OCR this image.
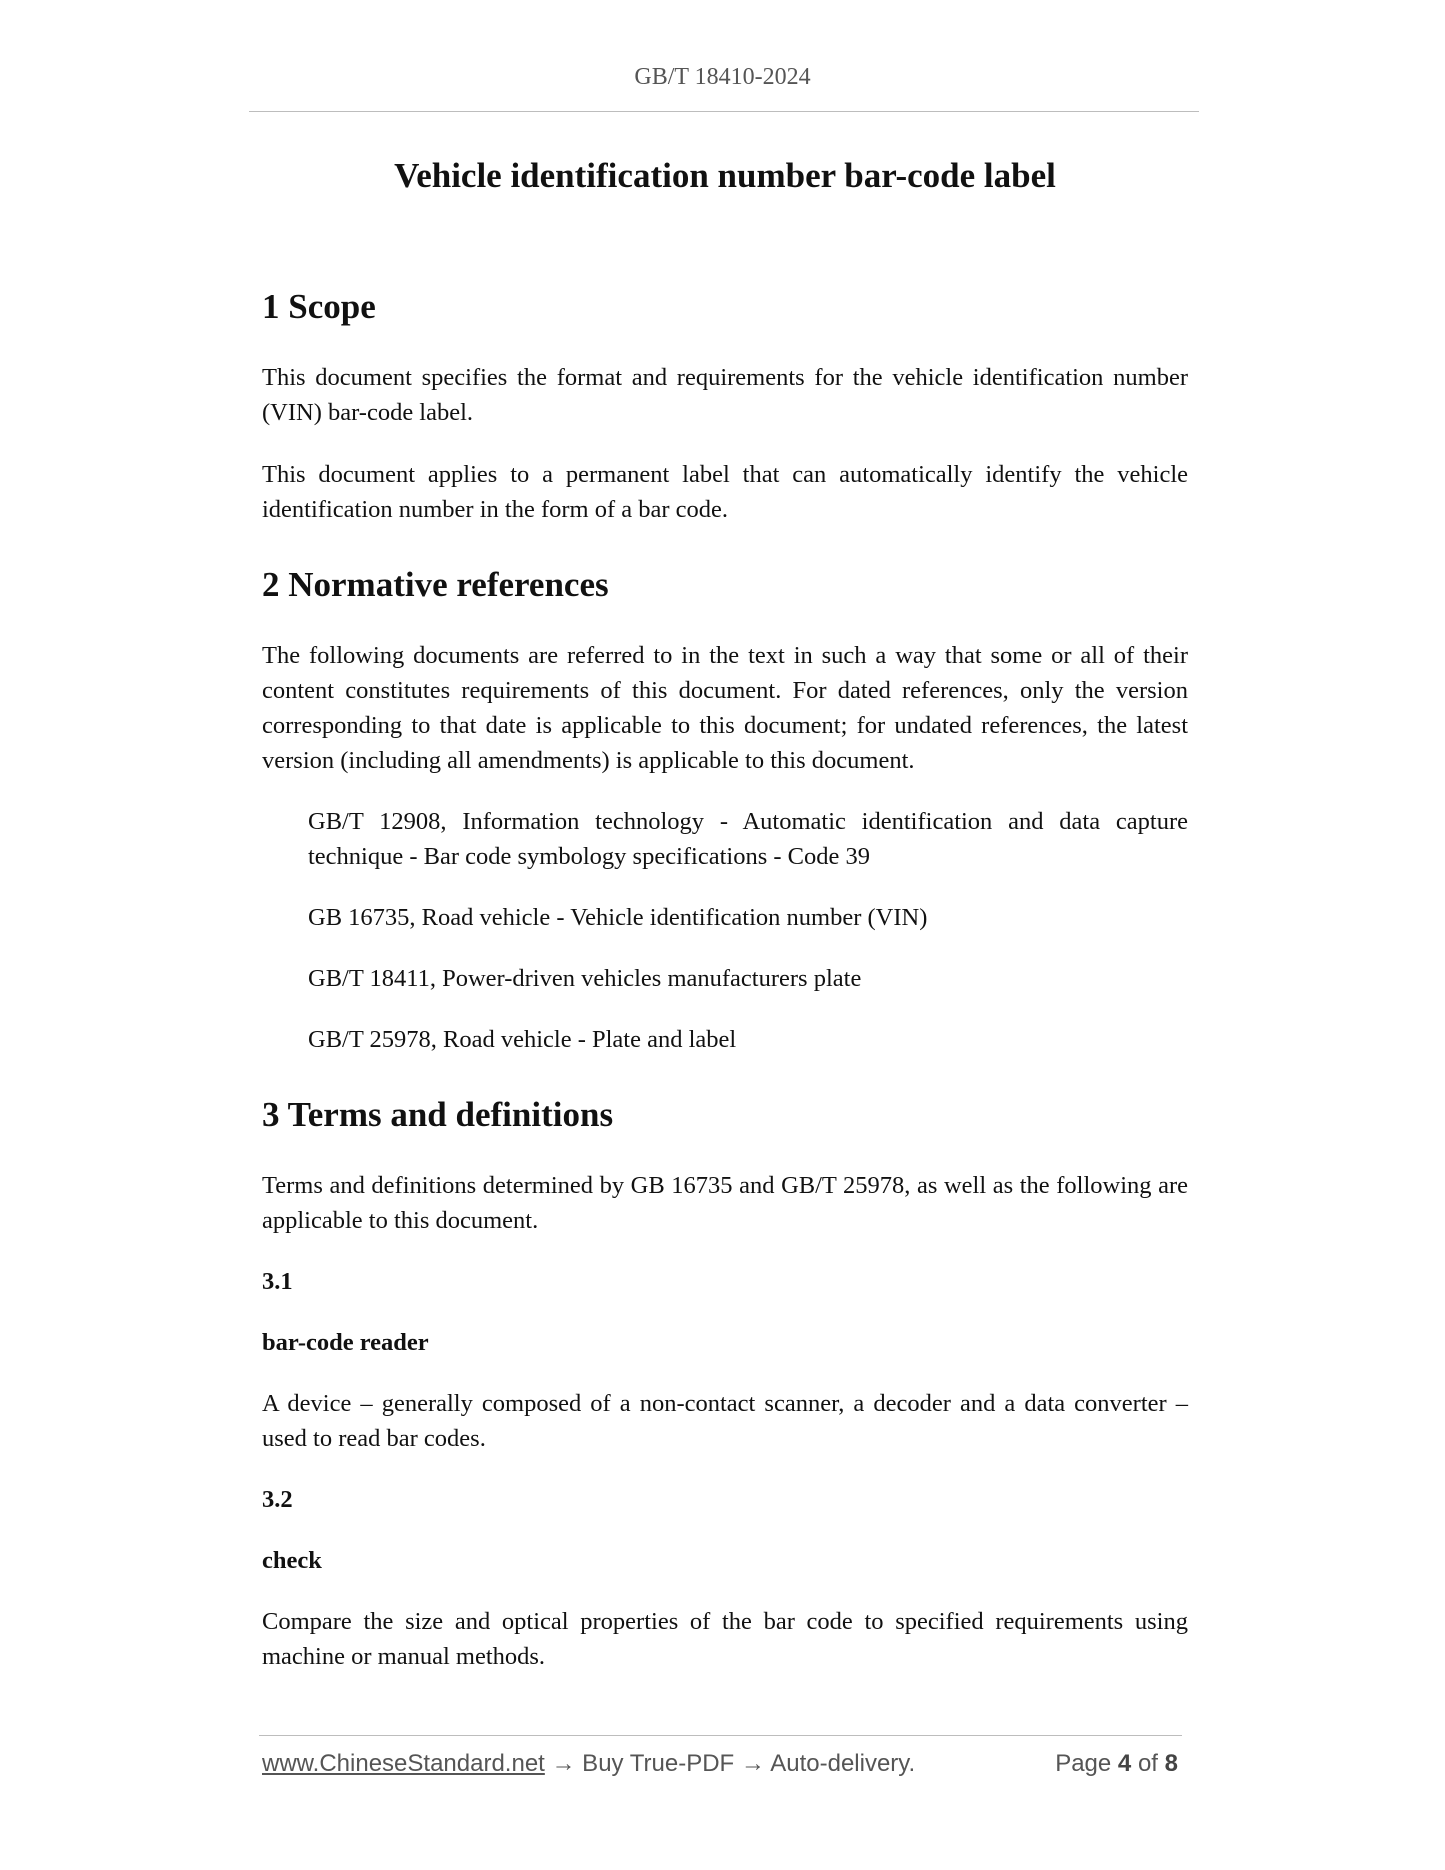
GB/T 18410-2024
Vehicle identification number bar-code label
1 Scope

This document specifies the format and requirements for the vehicle identification number (VIN) bar-code label.

This document applies to a permanent label that can automatically identify the vehicle identification number in the form of a bar code.

2 Normative references

The following documents are referred to in the text in such a way that some or all of their content constitutes requirements of this document. For dated references, only the version corresponding to that date is applicable to this document; for undated references, the latest version (including all amendments) is applicable to this document.

GB/T 12908, Information technology - Automatic identification and data capture technique - Bar code symbology specifications - Code 39

GB 16735, Road vehicle - Vehicle identification number (VIN)

GB/T 18411, Power-driven vehicles manufacturers plate

GB/T 25978, Road vehicle - Plate and label

3 Terms and definitions

Terms and definitions determined by GB 16735 and GB/T 25978, as well as the following are applicable to this document.

3.1

bar-code reader

A device – generally composed of a non-contact scanner, a decoder and a data converter – used to read bar codes.

3.2

check

Compare the size and optical properties of the bar code to specified requirements using machine or manual methods.

www.ChineseStandard.net → Buy True-PDF → Auto-delivery.	Page 4 of 8
